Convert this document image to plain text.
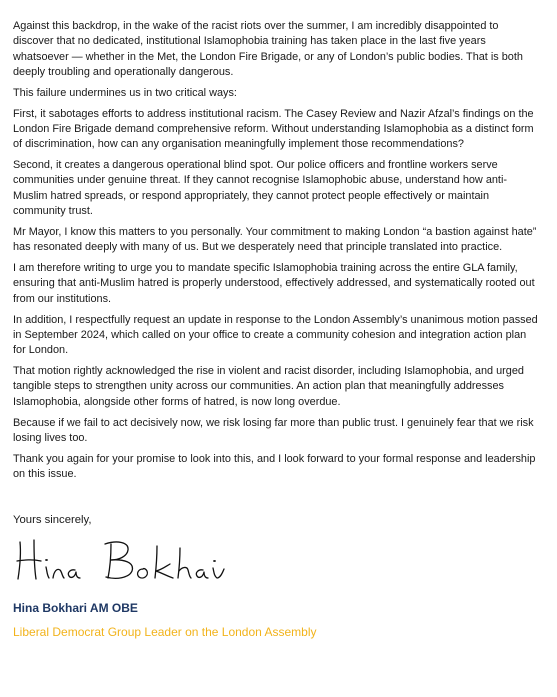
Against this backdrop, in the wake of the racist riots over the summer, I am incredibly disappointed to discover that no dedicated, institutional Islamophobia training has taken place in the last five years whatsoever — whether in the Met, the London Fire Brigade, or any of London’s public bodies. That is both deeply troubling and operationally dangerous.

This failure undermines us in two critical ways:

First, it sabotages efforts to address institutional racism. The Casey Review and Nazir Afzal’s findings on the London Fire Brigade demand comprehensive reform. Without understanding Islamophobia as a distinct form of discrimination, how can any organisation meaningfully implement those recommendations?

Second, it creates a dangerous operational blind spot. Our police officers and frontline workers serve communities under genuine threat. If they cannot recognise Islamophobic abuse, understand how anti-Muslim hatred spreads, or respond appropriately, they cannot protect people effectively or maintain community trust.

Mr Mayor, I know this matters to you personally. Your commitment to making London “a bastion against hate” has resonated deeply with many of us. But we desperately need that principle translated into practice.

I am therefore writing to urge you to mandate specific Islamophobia training across the entire GLA family, ensuring that anti-Muslim hatred is properly understood, effectively addressed, and systematically rooted out from our institutions.

In addition, I respectfully request an update in response to the London Assembly’s unanimous motion passed in September 2024, which called on your office to create a community cohesion and integration action plan for London.

That motion rightly acknowledged the rise in violent and racist disorder, including Islamophobia, and urged tangible steps to strengthen unity across our communities. An action plan that meaningfully addresses Islamophobia, alongside other forms of hatred, is now long overdue.

Because if we fail to act decisively now, we risk losing far more than public trust. I genuinely fear that we risk losing lives too.

Thank you again for your promise to look into this, and I look forward to your formal response and leadership on this issue.

Yours sincerely,
Hina Bokhari AM OBE
Liberal Democrat Group Leader on the London Assembly
